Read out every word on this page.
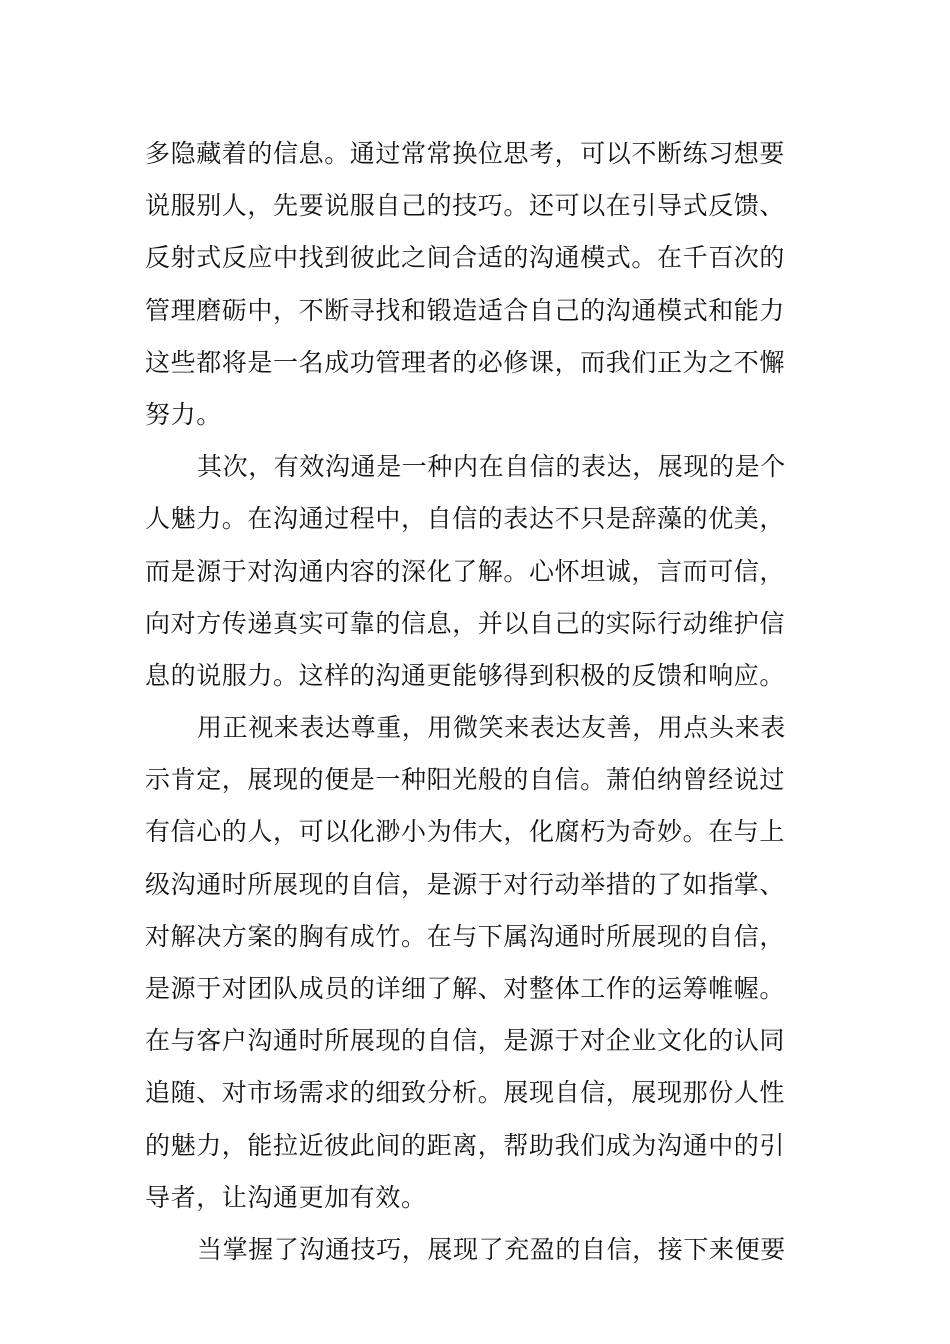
多隐藏着的信息。通过常常换位思考，可以不断练习想要
说服别人，先要说服自己的技巧。还可以在引导式反馈、
反射式反应中找到彼此之间合适的沟通模式。在千百次的
管理磨砺中，不断寻找和锻造适合自己的沟通模式和能力
这些都将是一名成功管理者的必修课，而我们正为之不懈
努力。
其次，有效沟通是一种内在自信的表达，展现的是个
人魅力。在沟通过程中，自信的表达不只是辞藻的优美，
而是源于对沟通内容的深化了解。心怀坦诚，言而可信，
向对方传递真实可靠的信息，并以自己的实际行动维护信
息的说服力。这样的沟通更能够得到积极的反馈和响应。
用正视来表达尊重，用微笑来表达友善，用点头来表
示肯定，展现的便是一种阳光般的自信。萧伯纳曾经说过
有信心的人，可以化渺小为伟大，化腐朽为奇妙。在与上
级沟通时所展现的自信，是源于对行动举措的了如指掌、
对解决方案的胸有成竹。在与下属沟通时所展现的自信，
是源于对团队成员的详细了解、对整体工作的运筹帷幄。
在与客户沟通时所展现的自信，是源于对企业文化的认同
追随、对市场需求的细致分析。展现自信，展现那份人性
的魅力，能拉近彼此间的距离，帮助我们成为沟通中的引
导者，让沟通更加有效。
当掌握了沟通技巧，展现了充盈的自信，接下来便要
